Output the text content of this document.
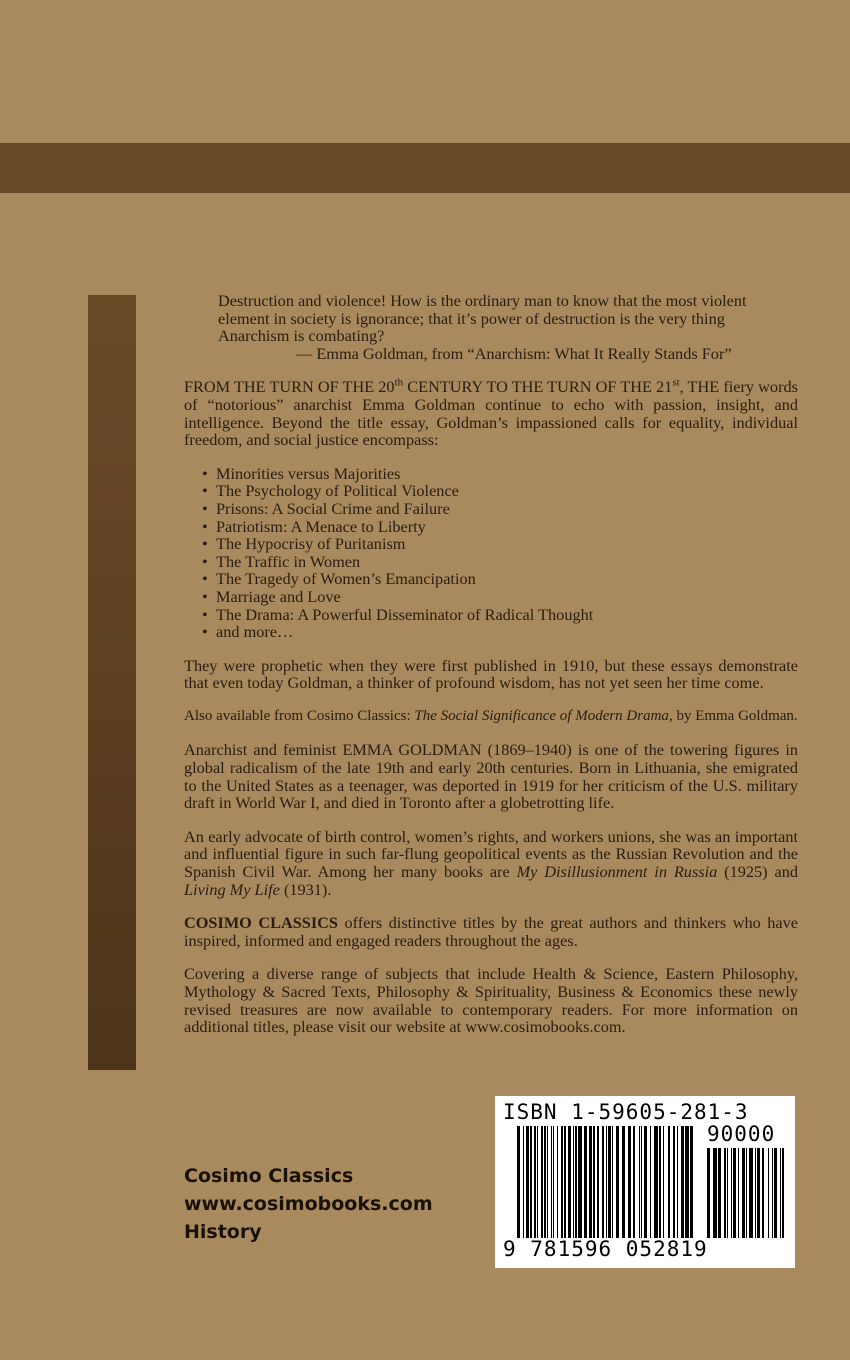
Destruction and violence! How is the ordinary man to know that the most violent element in society is ignorance; that it’s power of destruction is the very thing Anarchism is combating?

— Emma Goldman, from “Anarchism: What It Really Stands For”

FROM THE TURN OF THE 20th CENTURY TO THE TURN OF THE 21st, THE fiery words of “notorious” anarchist Emma Goldman continue to echo with passion, insight, and intelligence. Beyond the title essay, Goldman’s impassioned calls for equality, individual freedom, and social justice encompass:

• Minorities versus Majorities
• The Psychology of Political Violence
• Prisons: A Social Crime and Failure
• Patriotism: A Menace to Liberty
• The Hypocrisy of Puritanism
• The Traffic in Women
• The Tragedy of Women’s Emancipation
• Marriage and Love
• The Drama: A Powerful Disseminator of Radical Thought
• and more…

They were prophetic when they were first published in 1910, but these essays demonstrate that even today Goldman, a thinker of profound wisdom, has not yet seen her time come.

Also available from Cosimo Classics: The Social Significance of Modern Drama, by Emma Goldman.

Anarchist and feminist EMMA GOLDMAN (1869–1940) is one of the towering figures in global radicalism of the late 19th and early 20th centuries. Born in Lithuania, she emigrated to the United States as a teenager, was deported in 1919 for her criticism of the U.S. military draft in World War I, and died in Toronto after a globetrotting life.

An early advocate of birth control, women’s rights, and workers unions, she was an important and influential figure in such far-flung geopolitical events as the Russian Revolution and the Spanish Civil War. Among her many books are My Disillusionment in Russia (1925) and Living My Life (1931).

COSIMO CLASSICS offers distinctive titles by the great authors and thinkers who have inspired, informed and engaged readers throughout the ages.

Covering a diverse range of subjects that include Health & Science, Eastern Philosophy, Mythology & Sacred Texts, Philosophy & Spirituality, Business & Economics these newly revised treasures are now available to contemporary readers. For more information on additional titles, please visit our website at www.cosimobooks.com.

Cosimo Classics
www.cosimobooks.com
History
ISBN 1-59605-281-3
90000
9 781596 052819
